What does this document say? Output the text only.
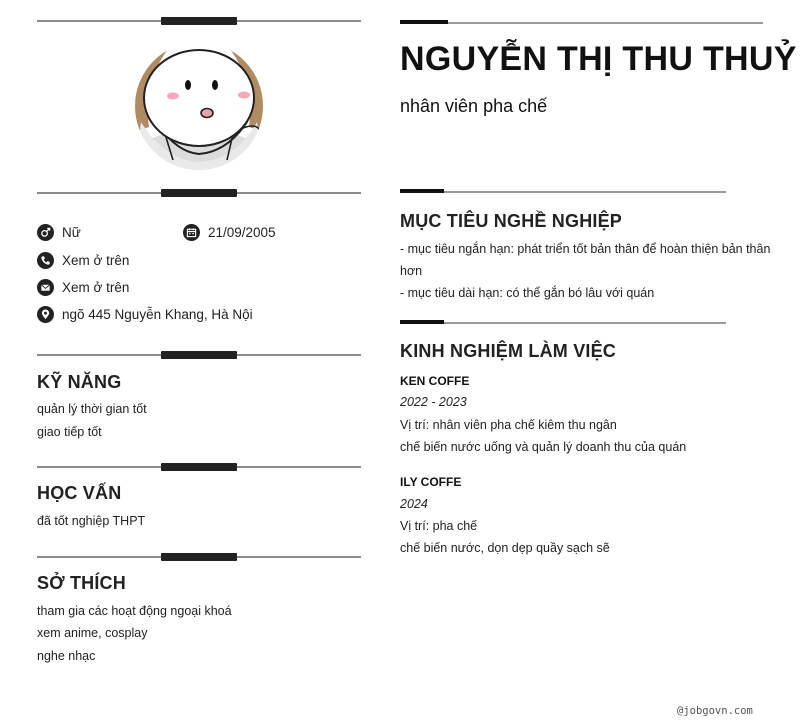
Nữ	21/09/2005
Xem ở trên
Xem ở trên
ngõ 445 Nguyễn Khang, Hà Nội
KỸ NĂNG
quản lý thời gian tốt
giao tiếp tốt
HỌC VẤN
đã tốt nghiệp THPT
SỞ THÍCH
tham gia các hoạt động ngoại khoá
xem anime, cosplay
nghe nhạc
NGUYỄN THỊ THU THUỶ
nhân viên pha chế
MỤC TIÊU NGHỀ NGHIỆP
- mục tiêu ngắn hạn: phát triển tốt bản thân để hoàn thiện bản thân
hơn
- mục tiêu dài hạn: có thể gắn bó lâu với quán
KINH NGHIỆM LÀM VIỆC
KEN COFFE
2022 - 2023
Vị trí: nhân viên pha chế kiêm thu ngân
chế biến nước uống và quản lý doanh thu của quán
ILY COFFE
2024
Vị trí: pha chế
chế biến nước, dọn dẹp quầy sạch sẽ
@jobgovn.com
